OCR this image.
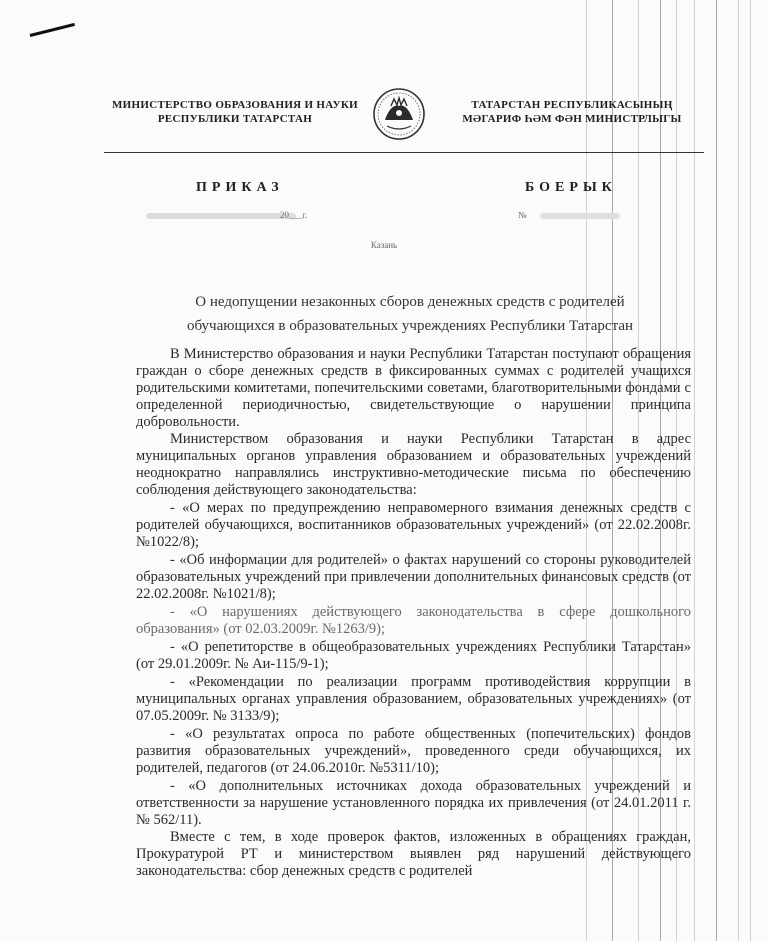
МИНИСТЕРСТВО ОБРАЗОВАНИЯ И НАУКИ
РЕСПУБЛИКИ ТАТАРСТАН
ТАТАРСТАН РЕСПУБЛИКАСЫНЫҢ
МӘГАРИФ ҺӘМ ФӘН МИНИСТРЛЫГЫ
ПРИКАЗ	БОЕРЫК
20___г.	№
Казань
О недопущении незаконных сборов денежных средств с родителей
обучающихся в образовательных учреждениях Республики Татарстан

В Министерство образования и науки Республики Татарстан поступают обращения граждан о сборе денежных средств в фиксированных суммах с родителей учащихся родительскими комитетами, попечительскими советами, благотворительными фондами с определенной периодичностью, свидетельствующие о нарушении принципа добровольности.

Министерством образования и науки Республики Татарстан в адрес муниципальных органов управления образованием и образовательных учреждений неоднократно направлялись инструктивно-методические письма по обеспечению соблюдения действующего законодательства:

- «О мерах по предупреждению неправомерного взимания денежных средств с родителей обучающихся, воспитанников образовательных учреждений» (от 22.02.2008г. №1022/8);

- «Об информации для родителей» о фактах нарушений со стороны руководителей образовательных учреждений при привлечении дополнительных финансовых средств (от 22.02.2008г. №1021/8);

- «О нарушениях действующего законодательства в сфере дошкольного образования» (от 02.03.2009г. №1263/9);

- «О репетиторстве в общеобразовательных учреждениях Республики Татарстан» (от 29.01.2009г. № Аи-115/9-1);

- «Рекомендации по реализации программ противодействия коррупции в муниципальных органах управления образованием, образовательных учреждениях» (от 07.05.2009г. № 3133/9);

- «О результатах опроса по работе общественных (попечительских) фондов развития образовательных учреждений», проведенного среди обучающихся, их родителей, педагогов (от 24.06.2010г. №5311/10);

- «О дополнительных источниках дохода образовательных учреждений и ответственности за нарушение установленного порядка их привлечения (от 24.01.2011 г. № 562/11).

Вместе с тем, в ходе проверок фактов, изложенных в обращениях граждан, Прокуратурой РТ и министерством выявлен ряд нарушений действующего законодательства: сбор денежных средств с родителей
